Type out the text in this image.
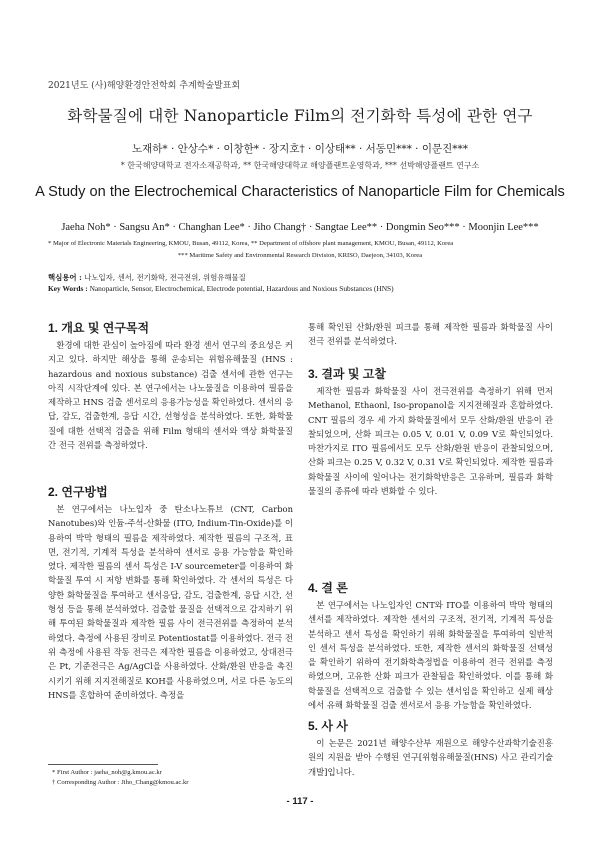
2021년도 (사)해양환경안전학회 추계학술발표회
화학물질에 대한 Nanoparticle Film의 전기화학 특성에 관한 연구
노재하* · 안상수* · 이창한* · 장지호† · 이상태** · 서동민*** · 이문진***
* 한국해양대학교 전자소재공학과, ** 한국해양대학교 해양플랜트운영학과, *** 선박해양플랜트 연구소
A Study on the Electrochemical Characteristics of Nanoparticle Film for Chemicals
Jaeha Noh* · Sangsu An* · Changhan Lee* · Jiho Chang† · Sangtae Lee** · Dongmin Seo*** · Moonjin Lee***
* Major of Electronic Materials Engineering, KMOU, Busan, 49112, Korea, ** Department of offshore plant management, KMOU, Busan, 49112, Korea
*** Maritime Safety and Environmental Research Division, KRISO, Daejeon, 34103, Korea
핵심용어 : 나노입자, 센서, 전기화학, 전극전위, 위험유해물질
Key Words : Nanoparticle, Sensor, Electrochemical, Electrode potential, Hazardous and Noxious Substances (HNS)
1. 개요 및 연구목적

환경에 대한 관심이 높아짐에 따라 환경 센서 연구의 중요성은 커지고 있다. 하지만 해상을 통해 운송되는 위험유해물질 (HNS : hazardous and noxious substance) 검출 센서에 관한 연구는 아직 시작단계에 있다. 본 연구에서는 나노물질을 이용하여 필름을 제작하고 HNS 검출 센서로의 응용가능성을 확인하였다. 센서의 응답, 감도, 검출한계, 응답 시간, 선형성을 분석하였다. 또한, 화학물질에 대한 선택적 검출을 위해 Film 형태의 센서와 액상 화학물질 간 전극 전위를 측정하였다.

2. 연구방법

본 연구에서는 나노입자 중 탄소나노튜브 (CNT, Carbon Nanotubes)와 인듐-주석-산화물 (ITO, Indium-Tin-Oxide)를 이용하여 박막 형태의 필름을 제작하였다. 제작한 필름의 구조적, 표면, 전기적, 기계적 특성을 분석하여 센서로 응용 가능함을 확인하였다. 제작한 필름의 센서 특성은 I-V sourcemeter를 이용하여 화학물질 투여 시 저항 변화를 통해 확인하였다. 각 센서의 특성은 다양한 화학물질을 투여하고 센서응답, 감도, 검출한계, 응답 시간, 선형성 등을 통해 분석하였다. 검출할 물질을 선택적으로 감지하기 위해 투여된 화학물질과 제작한 필름 사이 전극전위를 측정하여 분석하였다. 측정에 사용된 장비로 Potentiostat를 이용하였다. 전극 전위 측정에 사용된 작동 전극은 제작한 필름을 이용하였고, 상대전극은 Pt, 기준전극은 Ag/AgCl을 사용하였다. 산화/환원 반응을 촉진시키기 위해 지지전해질로 KOH를 사용하였으며, 서로 다른 농도의 HNS를 혼합하여 준비하였다. 측정을

통해 확인된 산화/환원 피크를 통해 제작한 필름과 화학물질 사이 전극 전위를 분석하였다.

3. 결과 및 고찰

제작한 필름과 화학물질 사이 전극전위를 측정하기 위해 먼저 Methanol, Ethaonl, Iso-propanol을 지지전해질과 혼합하였다. CNT 필름의 경우 세 가지 화학물질에서 모두 산화/환원 반응이 관찰되었으며, 산화 피크는 0.05 V, 0.01 V, 0.09 V로 확인되었다. 마찬가지로 ITO 필름에서도 모두 산화/환원 반응이 관찰되었으며, 산화 피크는 0.25 V, 0.32 V, 0.31 V로 확인되었다. 제작한 필름과 화학물질 사이에 일어나는 전기화학반응은 고유하며, 필름과 화학물질의 종류에 따라 변화할 수 있다.

4. 결 론

본 연구에서는 나노입자인 CNT와 ITO를 이용하여 박막 형태의 센서를 제작하였다. 제작한 센서의 구조적, 전기적, 기계적 특성을 분석하고 센서 특성을 확인하기 위해 화학물질을 투여하여 일반적인 센서 특성을 분석하였다. 또한, 제작한 센서의 화학물질 선택성을 확인하기 위하여 전기화학측정법을 이용하여 전극 전위를 측정하였으며, 고유한 산화 피크가 관찰됨을 확인하였다. 이를 통해 화학물질을 선택적으로 검출할 수 있는 센서임을 확인하고 실제 해상에서 유해 화학물질 검출 센서로서 응용 가능함을 확인하였다.

5. 사 사

이 논문은 2021년 해양수산부 재원으로 해양수산과학기술진흥원의 지원을 받아 수행된 연구[위험유해물질(HNS) 사고 관리기술 개발]입니다.

* First Author : jaeha_noh@g.kmou.ac.kr
† Corresponding Author : Jiho_Chang@kmou.ac.kr
- 117 -
